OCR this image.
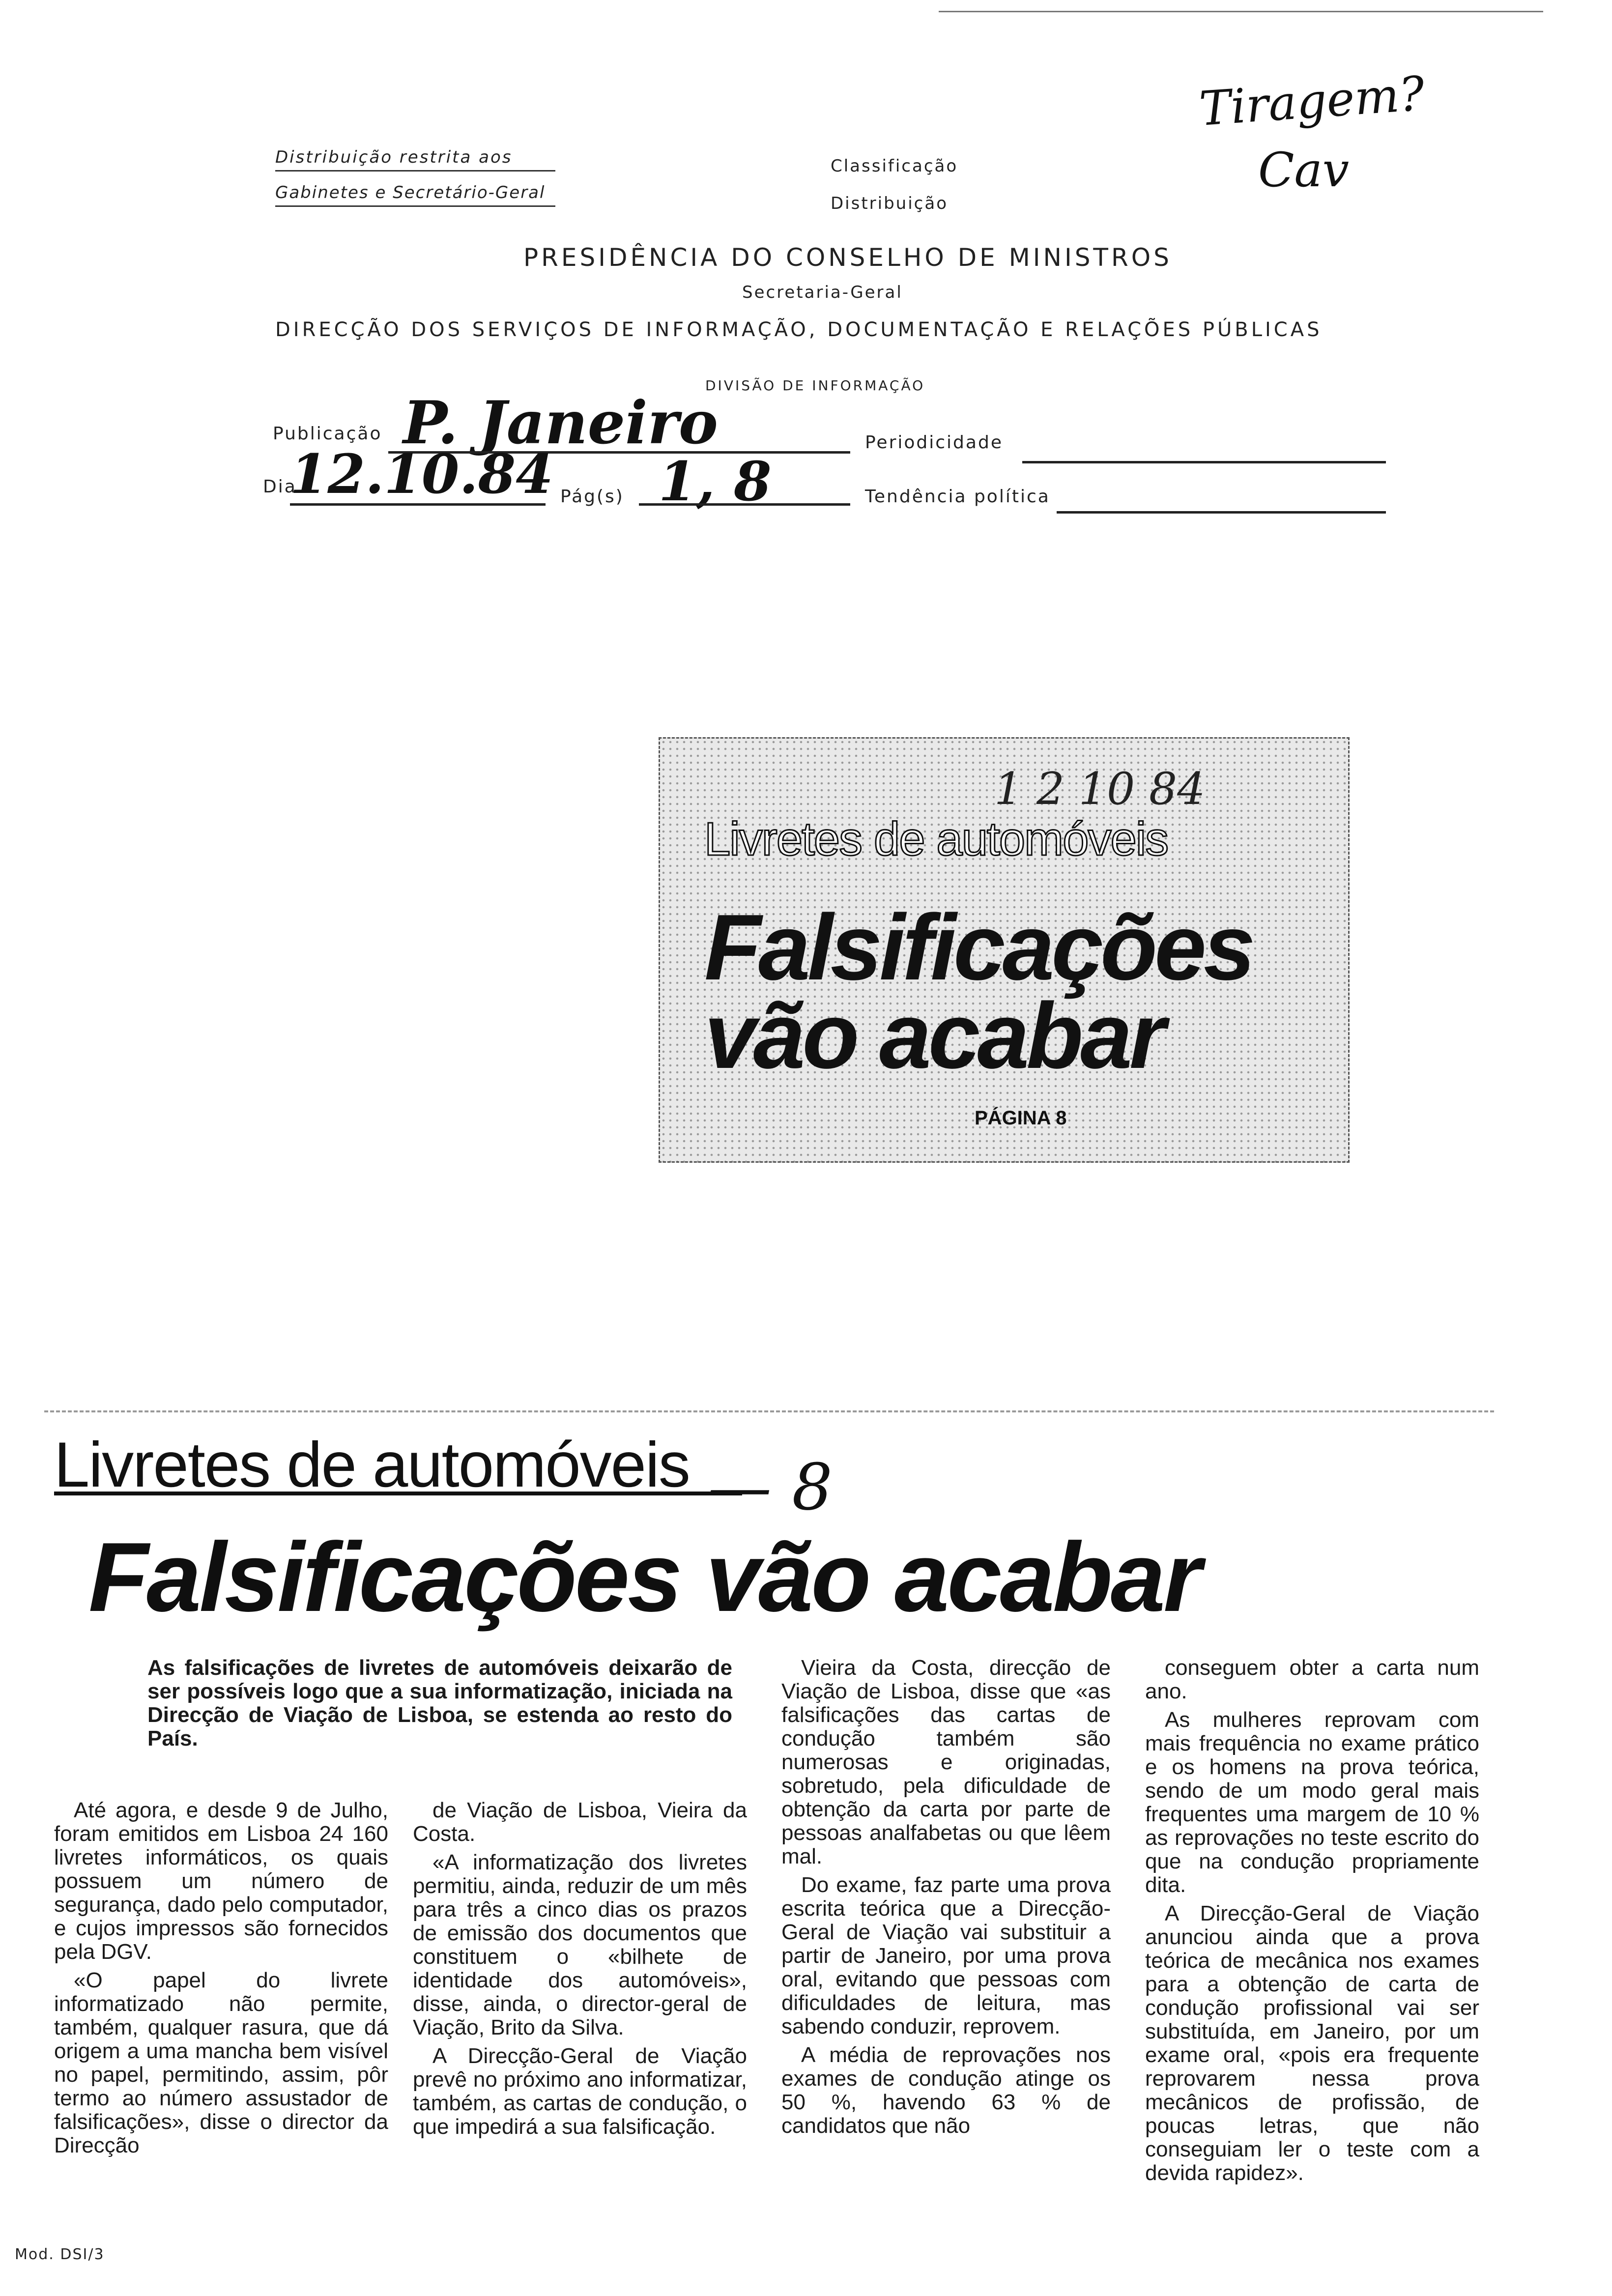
Tiragem?
Cav
Distribuição restrita aos
Gabinetes e Secretário-Geral
Classificação
Distribuição
PRESIDÊNCIA DO CONSELHO DE MINISTROS
Secretaria-Geral
DIRECÇÃO DOS SERVIÇOS DE INFORMAÇÃO, DOCUMENTAÇÃO E RELAÇÕES PÚBLICAS
DIVISÃO DE INFORMAÇÃO
Publicação P. Janeiro	Periodicidade
Dia
12.10.84 Pág(s) 1, 8	Tendência política
1 2 10 84
Livretes de automóveis
Falsificações
vão acabar
PÁGINA 8
Livretes de automóveis — 8
Falsificações vão acabar
As falsificações de livretes de automóveis deixarão de ser possíveis logo que a sua informatização, iniciada na Direcção de Viação de Lisboa, se estenda ao resto do País.

Até agora, e desde 9 de Julho, foram emitidos em Lisboa 24 160 livretes informáticos, os quais possuem um número de segurança, dado pelo computador, e cujos impressos são fornecidos pela DGV.

«O papel do livrete informatizado não permite, também, qualquer rasura, que dá origem a uma mancha bem visível no papel, permitindo, assim, pôr termo ao número assustador de falsificações», disse o director da Direcção

de Viação de Lisboa, Vieira da Costa.

«A informatização dos livretes permitiu, ainda, reduzir de um mês para três a cinco dias os prazos de emissão dos documentos que constituem o «bilhete de identidade dos automóveis», disse, ainda, o director-geral de Viação, Brito da Silva.

A Direcção-Geral de Viação prevê no próximo ano informatizar, também, as cartas de condução, o que impedirá a sua falsificação.

Vieira da Costa, direcção de Viação de Lisboa, disse que «as falsificações das cartas de condução também são numerosas e originadas, sobretudo, pela dificuldade de obtenção da carta por parte de pessoas analfabetas ou que lêem mal.

Do exame, faz parte uma prova escrita teórica que a Direcção-Geral de Viação vai substituir a partir de Janeiro, por uma prova oral, evitando que pessoas com dificuldades de leitura, mas sabendo conduzir, reprovem.

A média de reprovações nos exames de condução atinge os 50 %, havendo 63 % de candidatos que não

conseguem obter a carta num ano.

As mulheres reprovam com mais frequência no exame prático e os homens na prova teórica, sendo de um modo geral mais frequentes uma margem de 10 % as reprovações no teste escrito do que na condução propriamente dita.

A Direcção-Geral de Viação anunciou ainda que a prova teórica de mecânica nos exames para a obtenção de carta de condução profissional vai ser substituída, em Janeiro, por um exame oral, «pois era frequente reprovarem nessa prova mecânicos de profissão, de poucas letras, que não conseguiam ler o teste com a devida rapidez».

Mod. DSI/3
